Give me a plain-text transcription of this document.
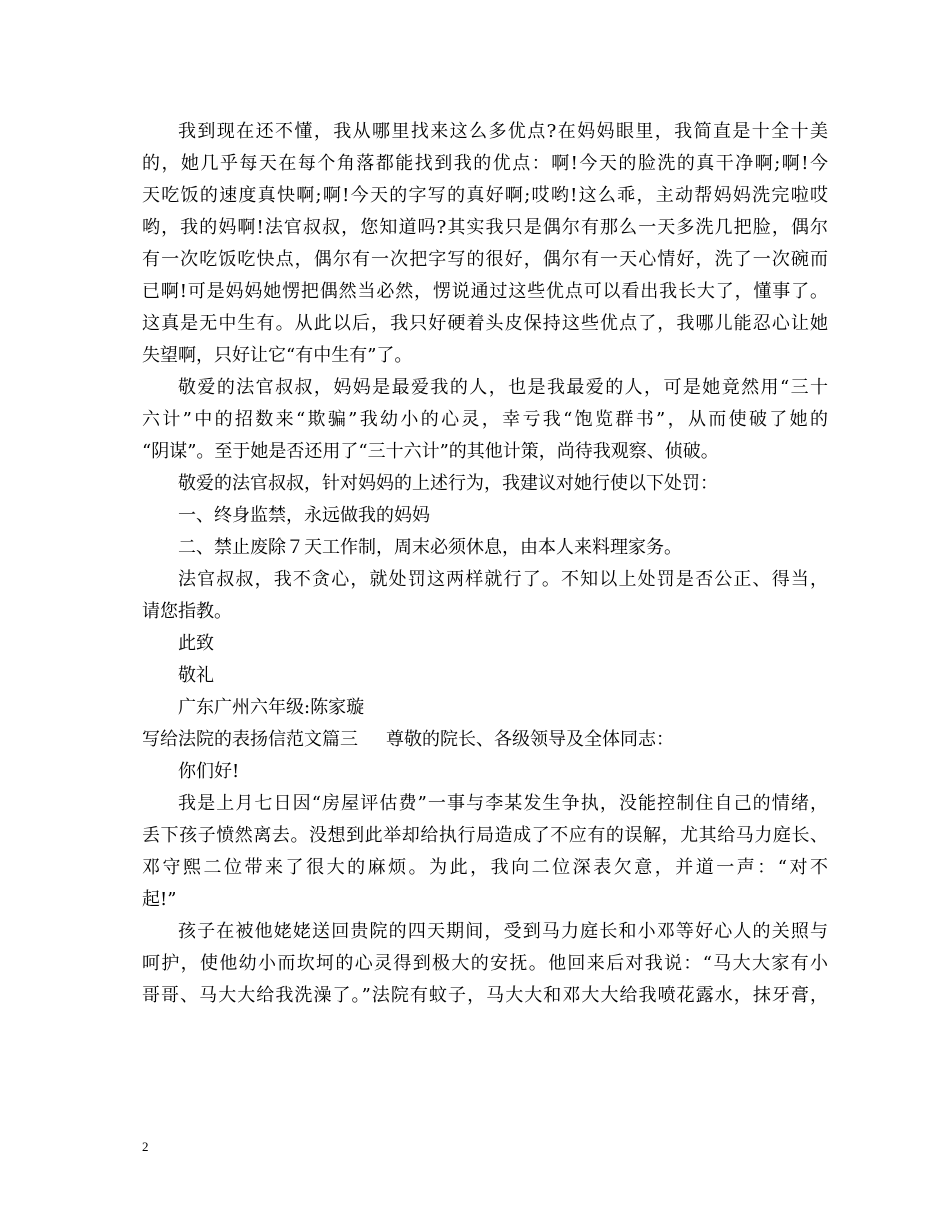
我到现在还不懂，我从哪里找来这么多优点?在妈妈眼里，我简直是十全十美
的，她几乎每天在每个角落都能找到我的优点：啊!今天的脸洗的真干净啊;啊!今
天吃饭的速度真快啊;啊!今天的字写的真好啊;哎哟!这么乖，主动帮妈妈洗完啦哎
哟，我的妈啊!法官叔叔，您知道吗?其实我只是偶尔有那么一天多洗几把脸，偶尔
有一次吃饭吃快点，偶尔有一次把字写的很好，偶尔有一天心情好，洗了一次碗而
已啊!可是妈妈她愣把偶然当必然，愣说通过这些优点可以看出我长大了，懂事了。
这真是无中生有。从此以后，我只好硬着头皮保持这些优点了，我哪儿能忍心让她
失望啊，只好让它“有中生有”了。
敬爱的法官叔叔，妈妈是最爱我的人，也是我最爱的人，可是她竟然用“三十
六计”中的招数来“欺骗”我幼小的心灵，幸亏我“饱览群书”，从而使破了她的
“阴谋”。至于她是否还用了“三十六计”的其他计策，尚待我观察、侦破。
敬爱的法官叔叔，针对妈妈的上述行为，我建议对她行使以下处罚：
一、终身监禁，永远做我的妈妈
二、禁止废除７天工作制，周末必须休息，由本人来料理家务。
法官叔叔，我不贪心，就处罚这两样就行了。不知以上处罚是否公正、得当，
请您指教。
此致
敬礼
广东广州六年级:陈家璇
写给法院的表扬信范文篇三 尊敬的院长、各级领导及全体同志：
你们好!
我是上月七日因“房屋评估费”一事与李某发生争执，没能控制住自己的情绪，
丢下孩子愤然离去。没想到此举却给执行局造成了不应有的误解，尤其给马力庭长、
邓守熙二位带来了很大的麻烦。为此，我向二位深表欠意，并道一声：“对不
起!”
孩子在被他姥姥送回贵院的四天期间，受到马力庭长和小邓等好心人的关照与
呵护，使他幼小而坎坷的心灵得到极大的安抚。他回来后对我说：“马大大家有小
哥哥、马大大给我洗澡了。”法院有蚊子，马大大和邓大大给我喷花露水，抹牙膏，
2
